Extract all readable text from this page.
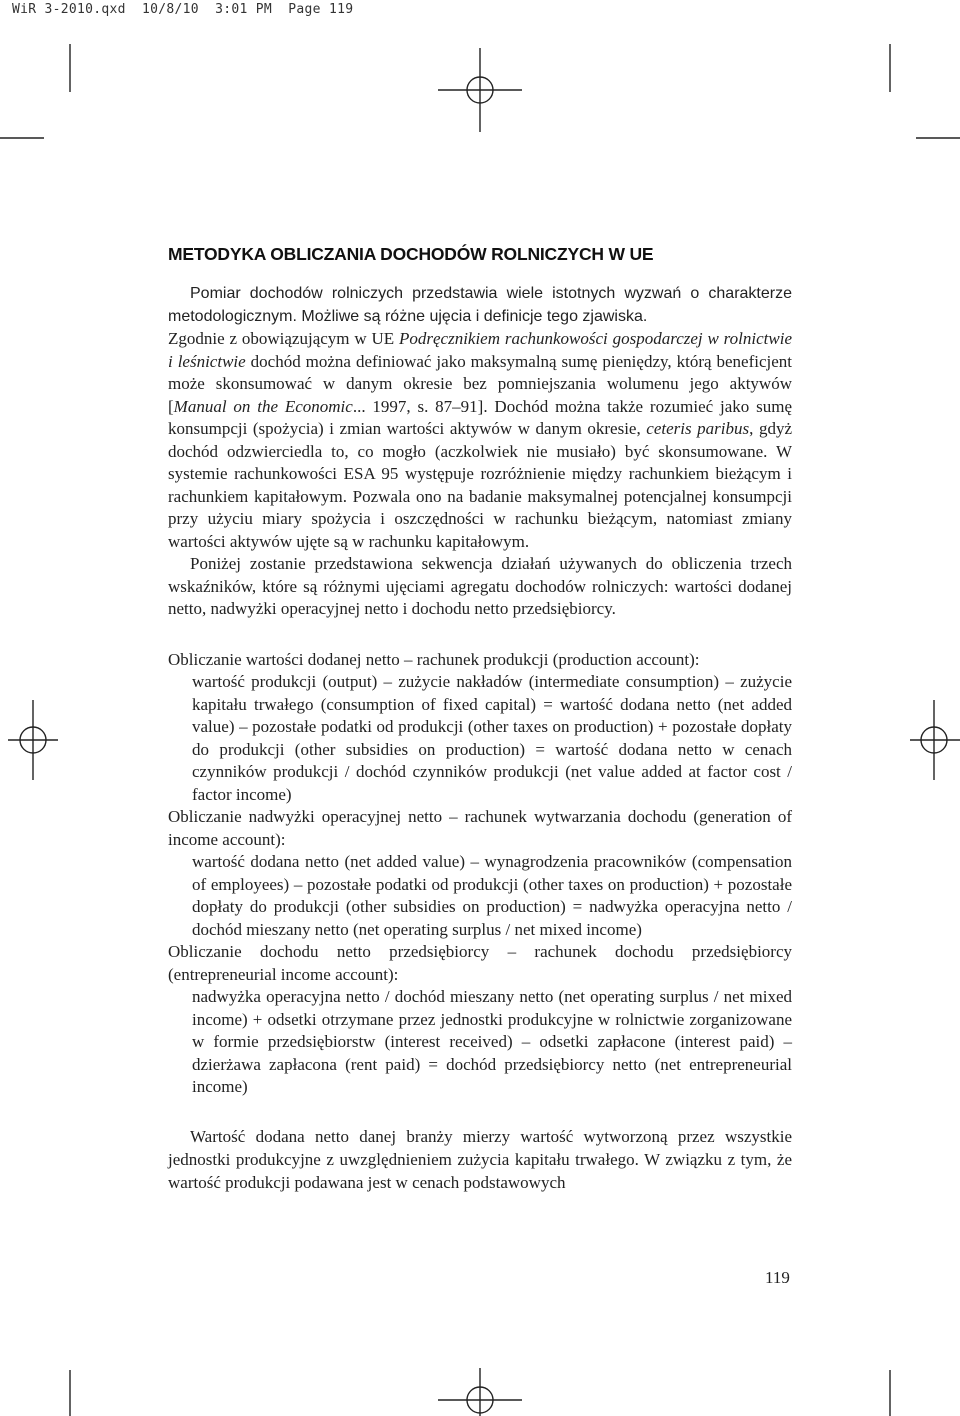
WiR 3-2010.qxd  10/8/10  3:01 PM  Page 119
METODYKA OBLICZANIA DOCHODÓW ROLNICZYCH W UE

Pomiar dochodów rolniczych przedstawia wiele istotnych wyzwań o charakterze metodologicznym. Możliwe są różne ujęcia i definicje tego zjawiska.

Zgodnie z obowiązującym w UE Podręcznikiem rachunkowości gospodarczej w rolnictwie i leśnictwie dochód można definiować jako maksymalną sumę pieniędzy, którą beneficjent może skonsumować w danym okresie bez pomniejszania wolumenu jego aktywów [Manual on the Economic... 1997, s. 87–91]. Dochód można także rozumieć jako sumę konsumpcji (spożycia) i zmian wartości aktywów w danym okresie, ceteris paribus, gdyż dochód odzwierciedla to, co mogło (aczkolwiek nie musiało) być skonsumowane. W systemie rachunkowości ESA 95 występuje rozróżnienie między rachunkiem bieżącym i rachunkiem kapitałowym. Pozwala ono na badanie maksymalnej potencjalnej konsumpcji przy użyciu miary spożycia i oszczędności w rachunku bieżącym, natomiast zmiany wartości aktywów ujęte są w rachunku kapitałowym.

Poniżej zostanie przedstawiona sekwencja działań używanych do obliczenia trzech wskaźników, które są różnymi ujęciami agregatu dochodów rolniczych: wartości dodanej netto, nadwyżki operacyjnej netto i dochodu netto przedsiębiorcy.

Obliczanie wartości dodanej netto – rachunek produkcji (production account):

wartość produkcji (output) – zużycie nakładów (intermediate consumption) – zużycie kapitału trwałego (consumption of fixed capital) = wartość dodana netto (net added value) – pozostałe podatki od produkcji (other taxes on production) + pozostałe dopłaty do produkcji (other subsidies on production) = wartość dodana netto w cenach czynników produkcji / dochód czynników produkcji (net value added at factor cost / factor income)

Obliczanie nadwyżki operacyjnej netto – rachunek wytwarzania dochodu (generation of income account):

wartość dodana netto (net added value) – wynagrodzenia pracowników (compensation of employees) – pozostałe podatki od produkcji (other taxes on production) + pozostałe dopłaty do produkcji (other subsidies on production) = nadwyżka operacyjna netto / dochód mieszany netto (net operating surplus / net mixed income)

Obliczanie dochodu netto przedsiębiorcy – rachunek dochodu przedsiębiorcy (entrepreneurial income account):

nadwyżka operacyjna netto / dochód mieszany netto (net operating surplus / net mixed income) + odsetki otrzymane przez jednostki produkcyjne w rolnictwie zorganizowane w formie przedsiębiorstw (interest received) – odsetki zapłacone (interest paid) – dzierżawa zapłacona (rent paid) = dochód przedsiębiorcy netto (net entrepreneurial income)

Wartość dodana netto danej branży mierzy wartość wytworzoną przez wszystkie jednostki produkcyjne z uwzględnieniem zużycia kapitału trwałego. W związku z tym, że wartość produkcji podawana jest w cenach podstawowych

119
